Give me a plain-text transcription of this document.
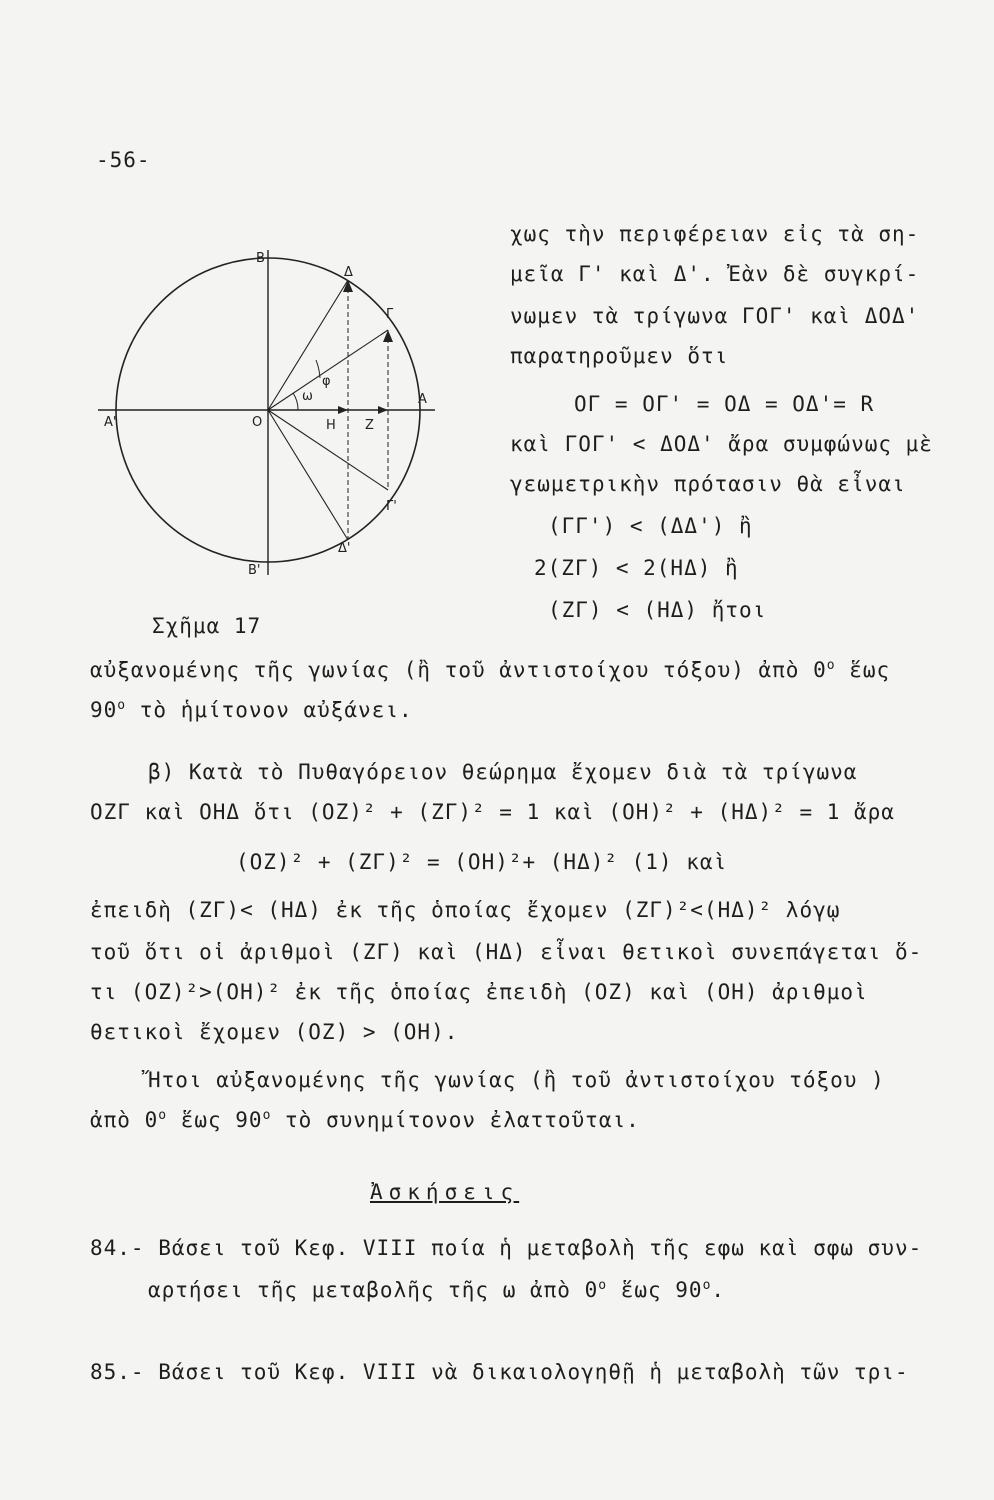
-56-
B
Δ
Γ
φ
ω
A'	O	H Z
A
Γ'
Δ'
B'
Σχῆμα 17
χως τὴν περιφέρειαν εἰς τὰ ση-
μεῖα Γ' καὶ Δ'. Ἐὰν δὲ συγκρί-
νωμεν τὰ τρίγωνα ΓΟΓ' καὶ ΔΟΔ'
παρατηροῦμεν ὅτι
ΟΓ = ΟΓ' = ΟΔ = ΟΔ'= R
καὶ ΓΟΓ' < ΔΟΔ' ἄρα συμφώνως μὲ
γεωμετρικὴν πρότασιν θὰ εἶναι
(ΓΓ') < (ΔΔ') ἢ
2(ΖΓ) < 2(ΗΔ) ἢ
(ΖΓ) < (ΗΔ) ἤτοι
αὐξανομένης τῆς γωνίας (ἢ τοῦ ἀντιστοίχου τόξου) ἀπὸ $0^o$ ἕως
$90^o$ τὸ ἡμίτονον αὐξάνει.
β) Κατὰ τὸ Πυθαγόρειον θεώρημα ἔχομεν διὰ τὰ τρίγωνα
ΟΖΓ καὶ ΟΗΔ ὅτι (ΟΖ)² + (ΖΓ)² = 1 καὶ (ΟΗ)² + (ΗΔ)² = 1 ἄρα
(ΟΖ)² + (ΖΓ)² = (ΟΗ)²+ (ΗΔ)² (1) καὶ
ἐπειδὴ (ΖΓ)< (ΗΔ) ἐκ τῆς ὁποίας ἔχομεν (ΖΓ)²<(ΗΔ)² λόγῳ
τοῦ ὅτι οἱ ἀριθμοὶ (ΖΓ) καὶ (ΗΔ) εἶναι θετικοὶ συνεπάγεται ὅ-
τι (ΟΖ)²>(ΟΗ)² ἐκ τῆς ὁποίας ἐπειδὴ (ΟΖ) καὶ (ΟΗ) ἀριθμοὶ
θετικοὶ ἔχομεν (ΟΖ) > (ΟΗ).
Ἤτοι αὐξανομένης τῆς γωνίας (ἢ τοῦ ἀντιστοίχου τόξου )
ἀπὸ $0^o$ ἕως $90^o$ τὸ συνημίτονον ἐλαττοῦται.
Ἀσκήσεις
84.- Βάσει τοῦ Κεφ. VIII ποία ἡ μεταβολὴ τῆς εφω καὶ σφω συν-
αρτήσει τῆς μεταβολῆς τῆς ω ἀπὸ $0^o$ ἕως $90^o$.
85.- Βάσει τοῦ Κεφ. VIII νὰ δικαιολογηθῇ ἡ μεταβολὴ τῶν τρι-
